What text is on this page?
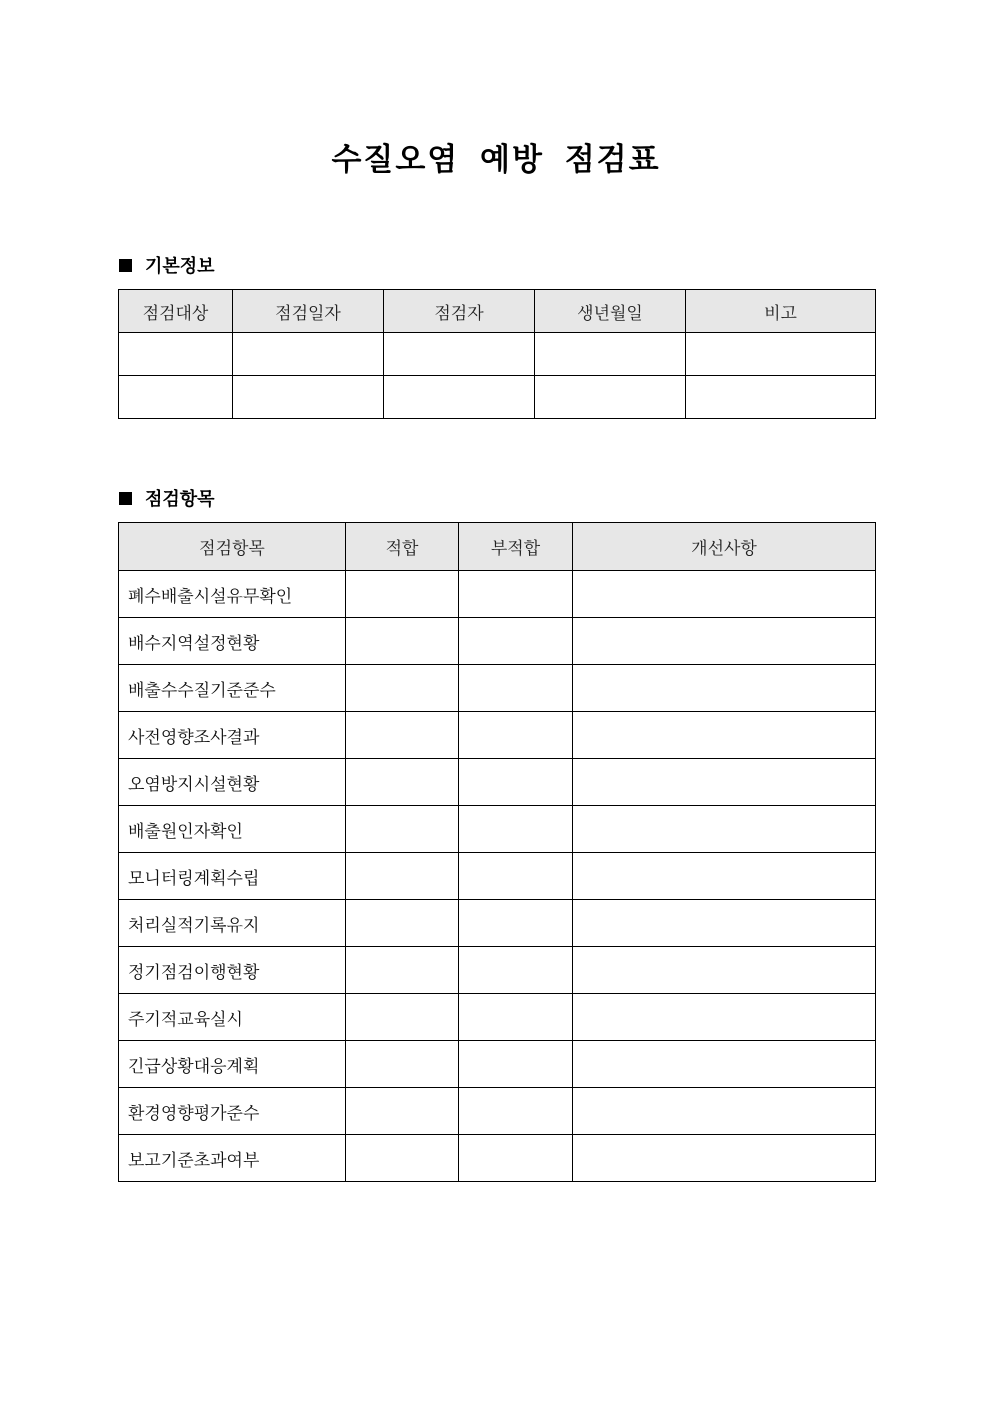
수질오염 예방 점검표
기본정보
점검대상	점검일자	점검자	생년월일	비고

점검항목
점검항목	적합	부적합	개선사항
폐수배출시설유무확인			
배수지역설정현황			
배출수수질기준준수			
사전영향조사결과			
오염방지시설현황			
배출원인자확인			
모니터링계획수립			
처리실적기록유지			
정기점검이행현황			
주기적교육실시			
긴급상황대응계획			
환경영향평가준수			
보고기준초과여부			
